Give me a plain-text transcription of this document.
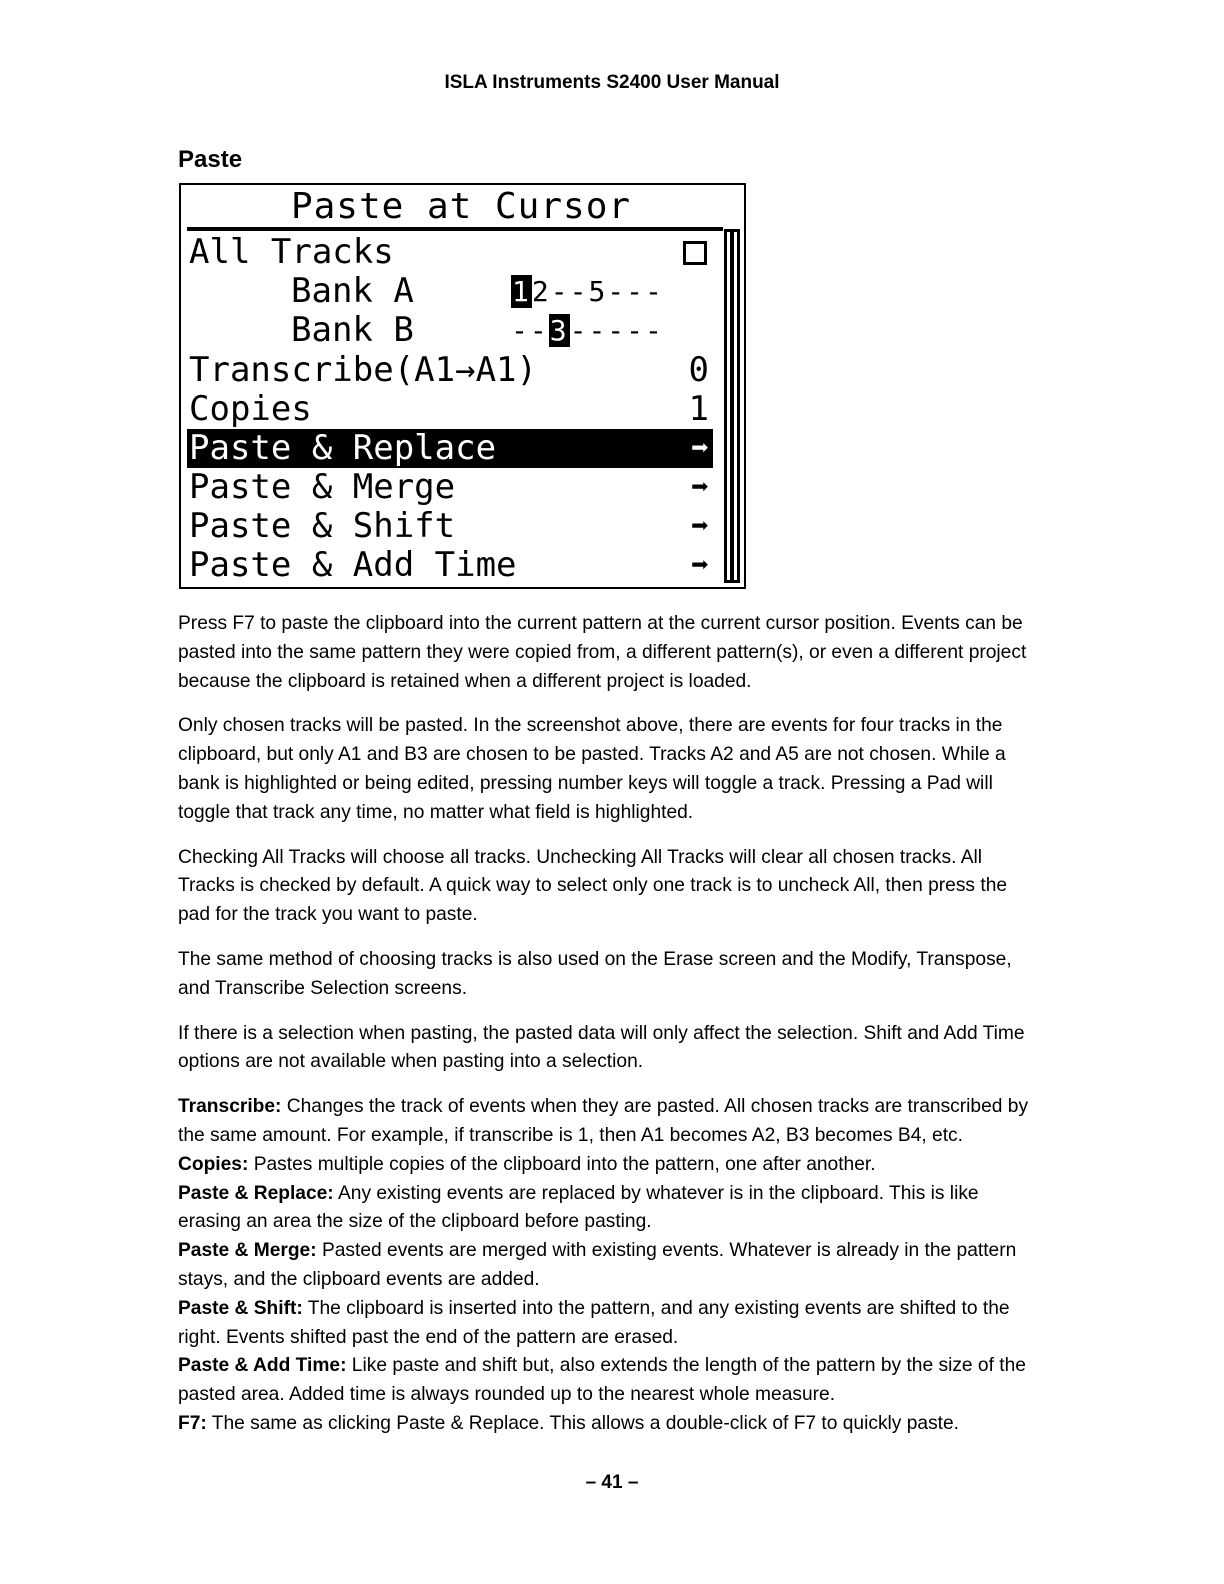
ISLA Instruments S2400 User Manual
Paste
Paste at Cursor

All Tracks

Bank A

	12--5---

Bank B

	--3-----

Transcribe(A1→A1)

	0

Copies

	1

Paste & Replace

	➡

Paste & Merge

	➡

Paste & Shift

	➡

Paste & Add Time

	➡

Press F7 to paste the clipboard into the current pattern at the current cursor position. Events can be pasted into the same pattern they were copied from, a different pattern(s), or even a different project because the clipboard is retained when a different project is loaded.

Only chosen tracks will be pasted. In the screenshot above, there are events for four tracks in the clipboard, but only A1 and B3 are chosen to be pasted. Tracks A2 and A5 are not chosen. While a bank is highlighted or being edited, pressing number keys will toggle a track. Pressing a Pad will toggle that track any time, no matter what field is highlighted.

Checking All Tracks will choose all tracks. Unchecking All Tracks will clear all chosen tracks. All Tracks is checked by default. A quick way to select only one track is to uncheck All, then press the pad for the track you want to paste.

The same method of choosing tracks is also used on the Erase screen and the Modify, Transpose, and Transcribe Selection screens.

If there is a selection when pasting, the pasted data will only affect the selection. Shift and Add Time options are not available when pasting into a selection.

Transcribe: Changes the track of events when they are pasted. All chosen tracks are transcribed by the same amount. For example, if transcribe is 1, then A1 becomes A2, B3 becomes B4, etc.

Copies: Pastes multiple copies of the clipboard into the pattern, one after another.

Paste & Replace: Any existing events are replaced by whatever is in the clipboard. This is like erasing an area the size of the clipboard before pasting.

Paste & Merge: Pasted events are merged with existing events. Whatever is already in the pattern stays, and the clipboard events are added.

Paste & Shift: The clipboard is inserted into the pattern, and any existing events are shifted to the right. Events shifted past the end of the pattern are erased.

Paste & Add Time: Like paste and shift but, also extends the length of the pattern by the size of the pasted area. Added time is always rounded up to the nearest whole measure.

F7: The same as clicking Paste & Replace. This allows a double-click of F7 to quickly paste.

– 41 –
